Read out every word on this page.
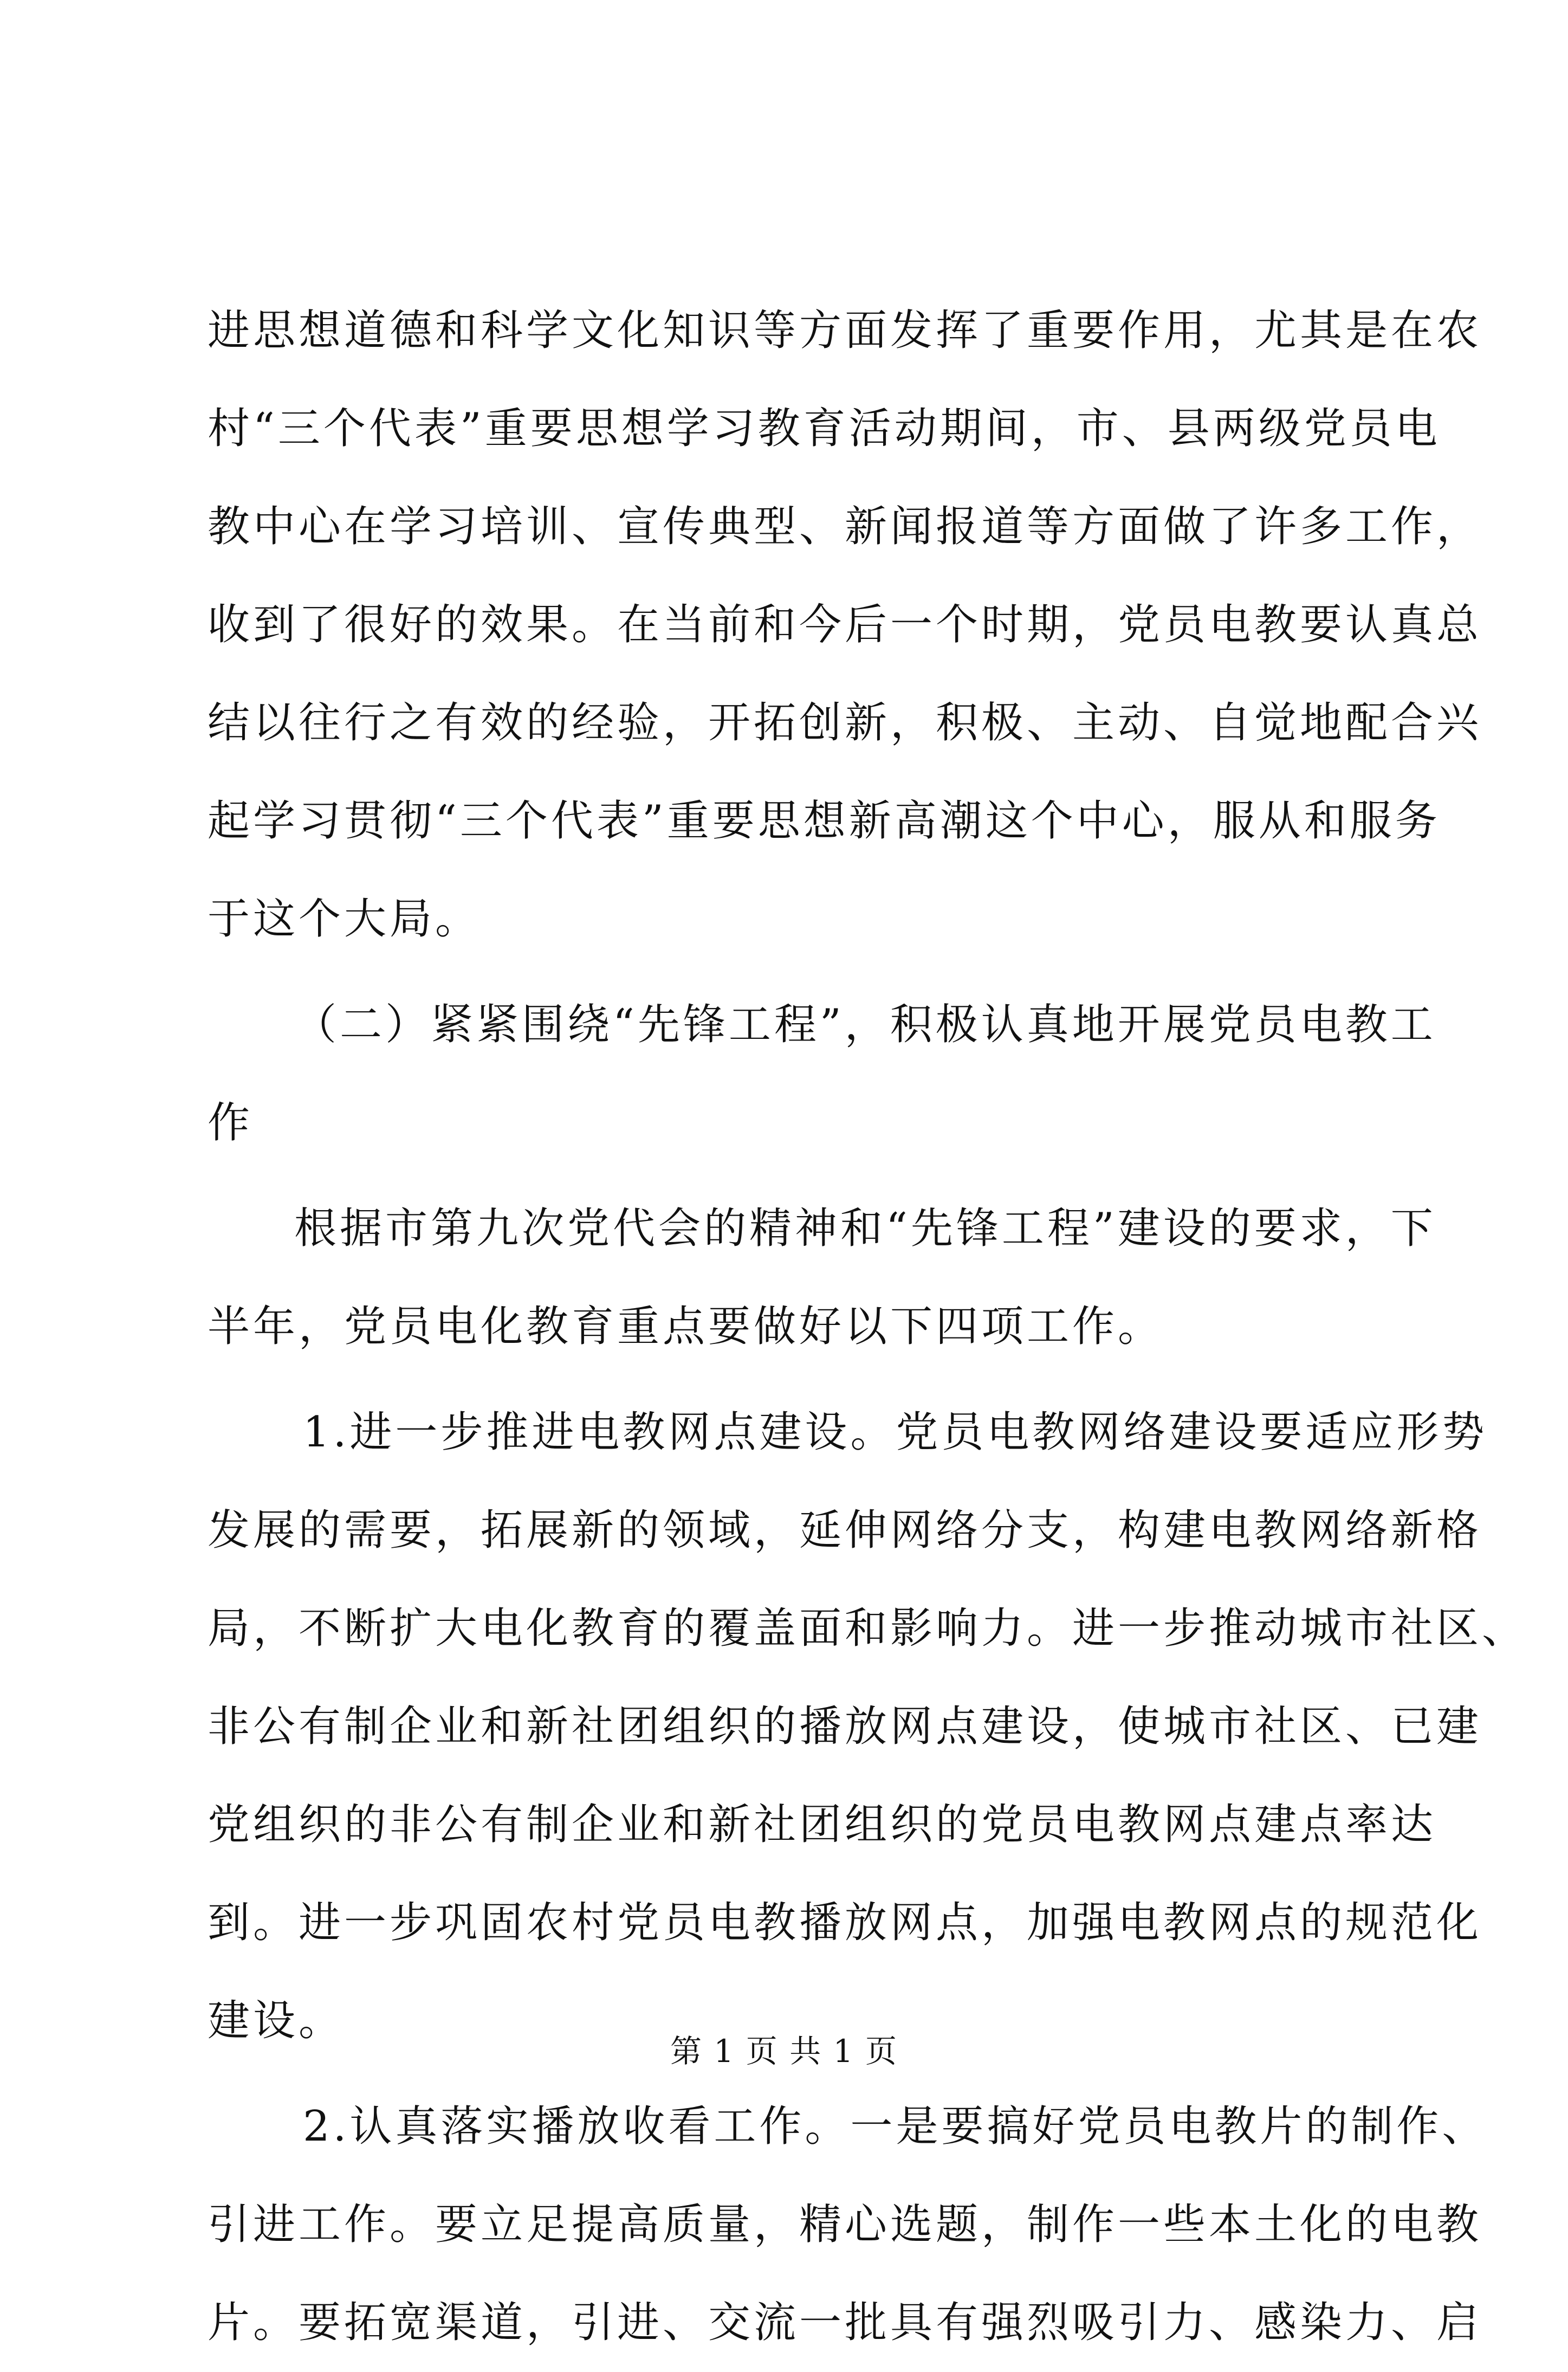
进思想道德和科学文化知识等方面发挥了重要作用，尤其是在农
村“三个代表”重要思想学习教育活动期间，市、县两级党员电
教中心在学习培训、宣传典型、新闻报道等方面做了许多工作，
收到了很好的效果。在当前和今后一个时期，党员电教要认真总
结以往行之有效的经验，开拓创新，积极、主动、自觉地配合兴
起学习贯彻“三个代表”重要思想新高潮这个中心，服从和服务
于这个大局。
（二）紧紧围绕“先锋工程”，积极认真地开展党员电教工
作
根据市第九次党代会的精神和“先锋工程”建设的要求，下
半年，党员电化教育重点要做好以下四项工作。
1.进一步推进电教网点建设。党员电教网络建设要适应形势
发展的需要，拓展新的领域，延伸网络分支，构建电教网络新格
局，不断扩大电化教育的覆盖面和影响力。进一步推动城市社区、
非公有制企业和新社团组织的播放网点建设，使城市社区、已建
党组织的非公有制企业和新社团组织的党员电教网点建点率达
到。进一步巩固农村党员电教播放网点，加强电教网点的规范化
建设。
2.认真落实播放收看工作。一是要搞好党员电教片的制作、
引进工作。要立足提高质量，精心选题，制作一些本土化的电教
片。要拓宽渠道，引进、交流一批具有强烈吸引力、感染力、启
第 1 页 共 1 页
